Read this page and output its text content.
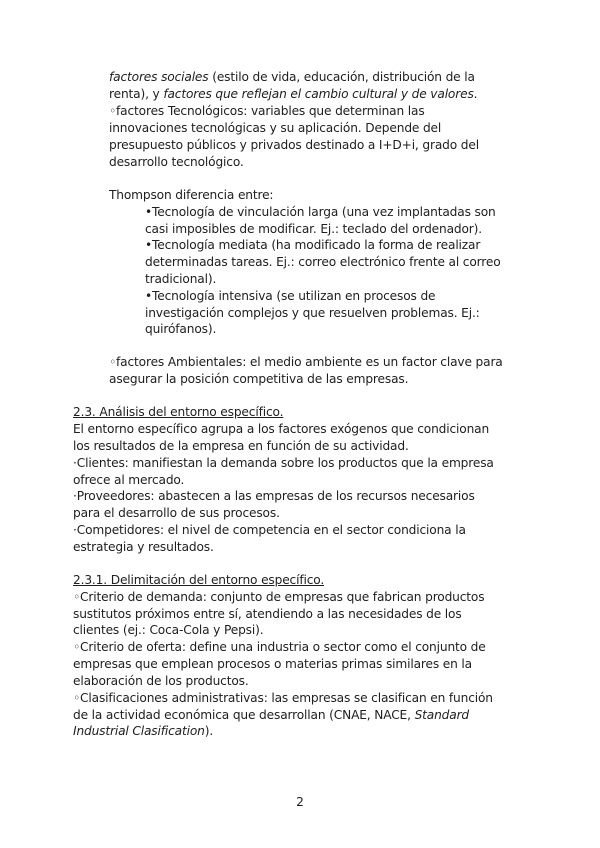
factores sociales (estilo de vida, educación, distribución de la
renta), y factores que reflejan el cambio cultural y de valores.
◦factores Tecnológicos: variables que determinan las
innovaciones tecnológicas y su aplicación. Depende del
presupuesto públicos y privados destinado a I+D+i, grado del
desarrollo tecnológico.
Thompson diferencia entre:
•Tecnología de vinculación larga (una vez implantadas son
casi imposibles de modificar. Ej.: teclado del ordenador).
•Tecnología mediata (ha modificado la forma de realizar
determinadas tareas. Ej.: correo electrónico frente al correo
tradicional).
•Tecnología intensiva (se utilizan en procesos de
investigación complejos y que resuelven problemas. Ej.:
quirófanos).
◦factores Ambientales: el medio ambiente es un factor clave para
asegurar la posición competitiva de las empresas.
2.3. Análisis del entorno específico.
El entorno específico agrupa a los factores exógenos que condicionan
los resultados de la empresa en función de su actividad.
·Clientes: manifiestan la demanda sobre los productos que la empresa
ofrece al mercado.
·Proveedores: abastecen a las empresas de los recursos necesarios
para el desarrollo de sus procesos.
·Competidores: el nivel de competencia en el sector condiciona la
estrategia y resultados.
2.3.1. Delimitación del entorno específico.
◦Criterio de demanda: conjunto de empresas que fabrican productos
sustitutos próximos entre sí, atendiendo a las necesidades de los
clientes (ej.: Coca-Cola y Pepsi).
◦Criterio de oferta: define una industria o sector como el conjunto de
empresas que emplean procesos o materias primas similares en la
elaboración de los productos.
◦Clasificaciones administrativas: las empresas se clasifican en función
de la actividad económica que desarrollan (CNAE, NACE, Standard
Industrial Clasification).
2
